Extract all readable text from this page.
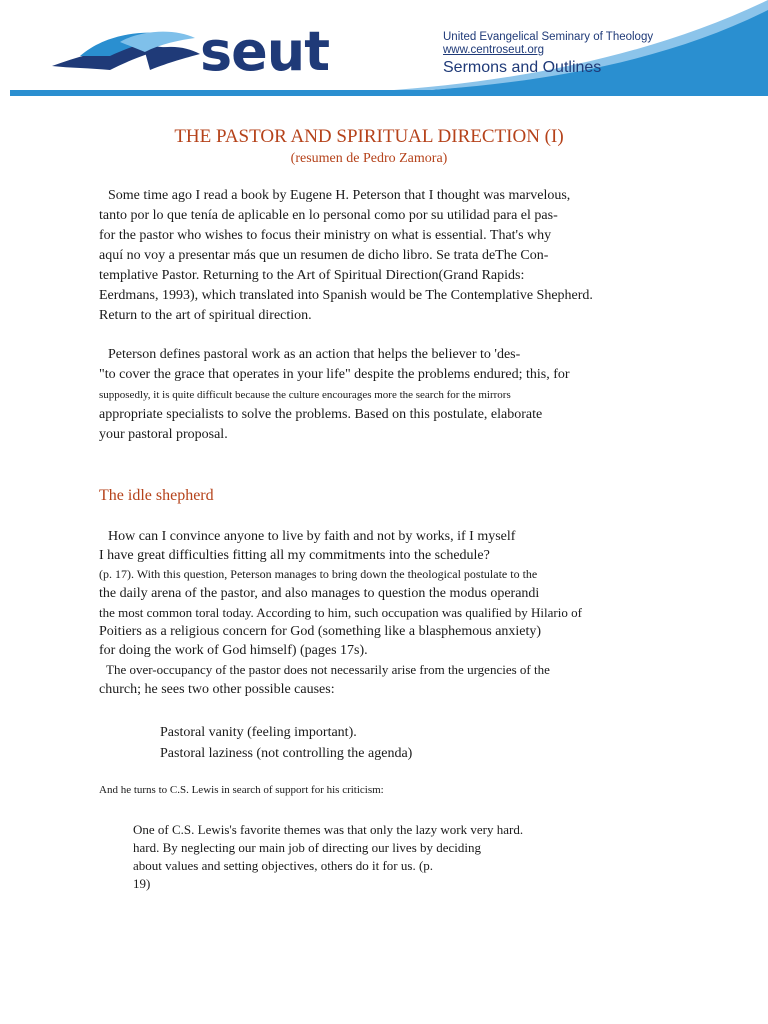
seut	United Evangelical Seminary of Theology
www.centroseut.org
Sermons and Outlines
THE PASTOR AND SPIRITUAL DIRECTION (I)
(resumen de Pedro Zamora)
Some time ago I read a book by Eugene H. Peterson that I thought was marvelous,
tanto por lo que tenía de aplicable en lo personal como por su utilidad para el pas-
for the pastor who wishes to focus their ministry on what is essential. That's why
aquí no voy a presentar más que un resumen de dicho libro. Se trata deThe Con-
templative Pastor. Returning to the Art of Spiritual Direction(Grand Rapids:
Eerdmans, 1993), which translated into Spanish would be The Contemplative Shepherd.
Return to the art of spiritual direction.
Peterson defines pastoral work as an action that helps the believer to 'des-
"to cover the grace that operates in your life" despite the problems endured; this, for
supposedly, it is quite difficult because the culture encourages more the search for the mirrors
appropriate specialists to solve the problems. Based on this postulate, elaborate
your pastoral proposal.
The idle shepherd
How can I convince anyone to live by faith and not by works, if I myself
I have great difficulties fitting all my commitments into the schedule?
(p. 17). With this question, Peterson manages to bring down the theological postulate to the
the daily arena of the pastor, and also manages to question the modus operandi
the most common toral today. According to him, such occupation was qualified by Hilario of
Poitiers as a religious concern for God (something like a blasphemous anxiety)
for doing the work of God himself) (pages 17s).
The over-occupancy of the pastor does not necessarily arise from the urgencies of the
church; he sees two other possible causes:
Pastoral vanity (feeling important).
Pastoral laziness (not controlling the agenda)
And he turns to C.S. Lewis in search of support for his criticism:
One of C.S. Lewis's favorite themes was that only the lazy work very hard.
hard. By neglecting our main job of directing our lives by deciding
about values and setting objectives, others do it for us. (p.
19)
